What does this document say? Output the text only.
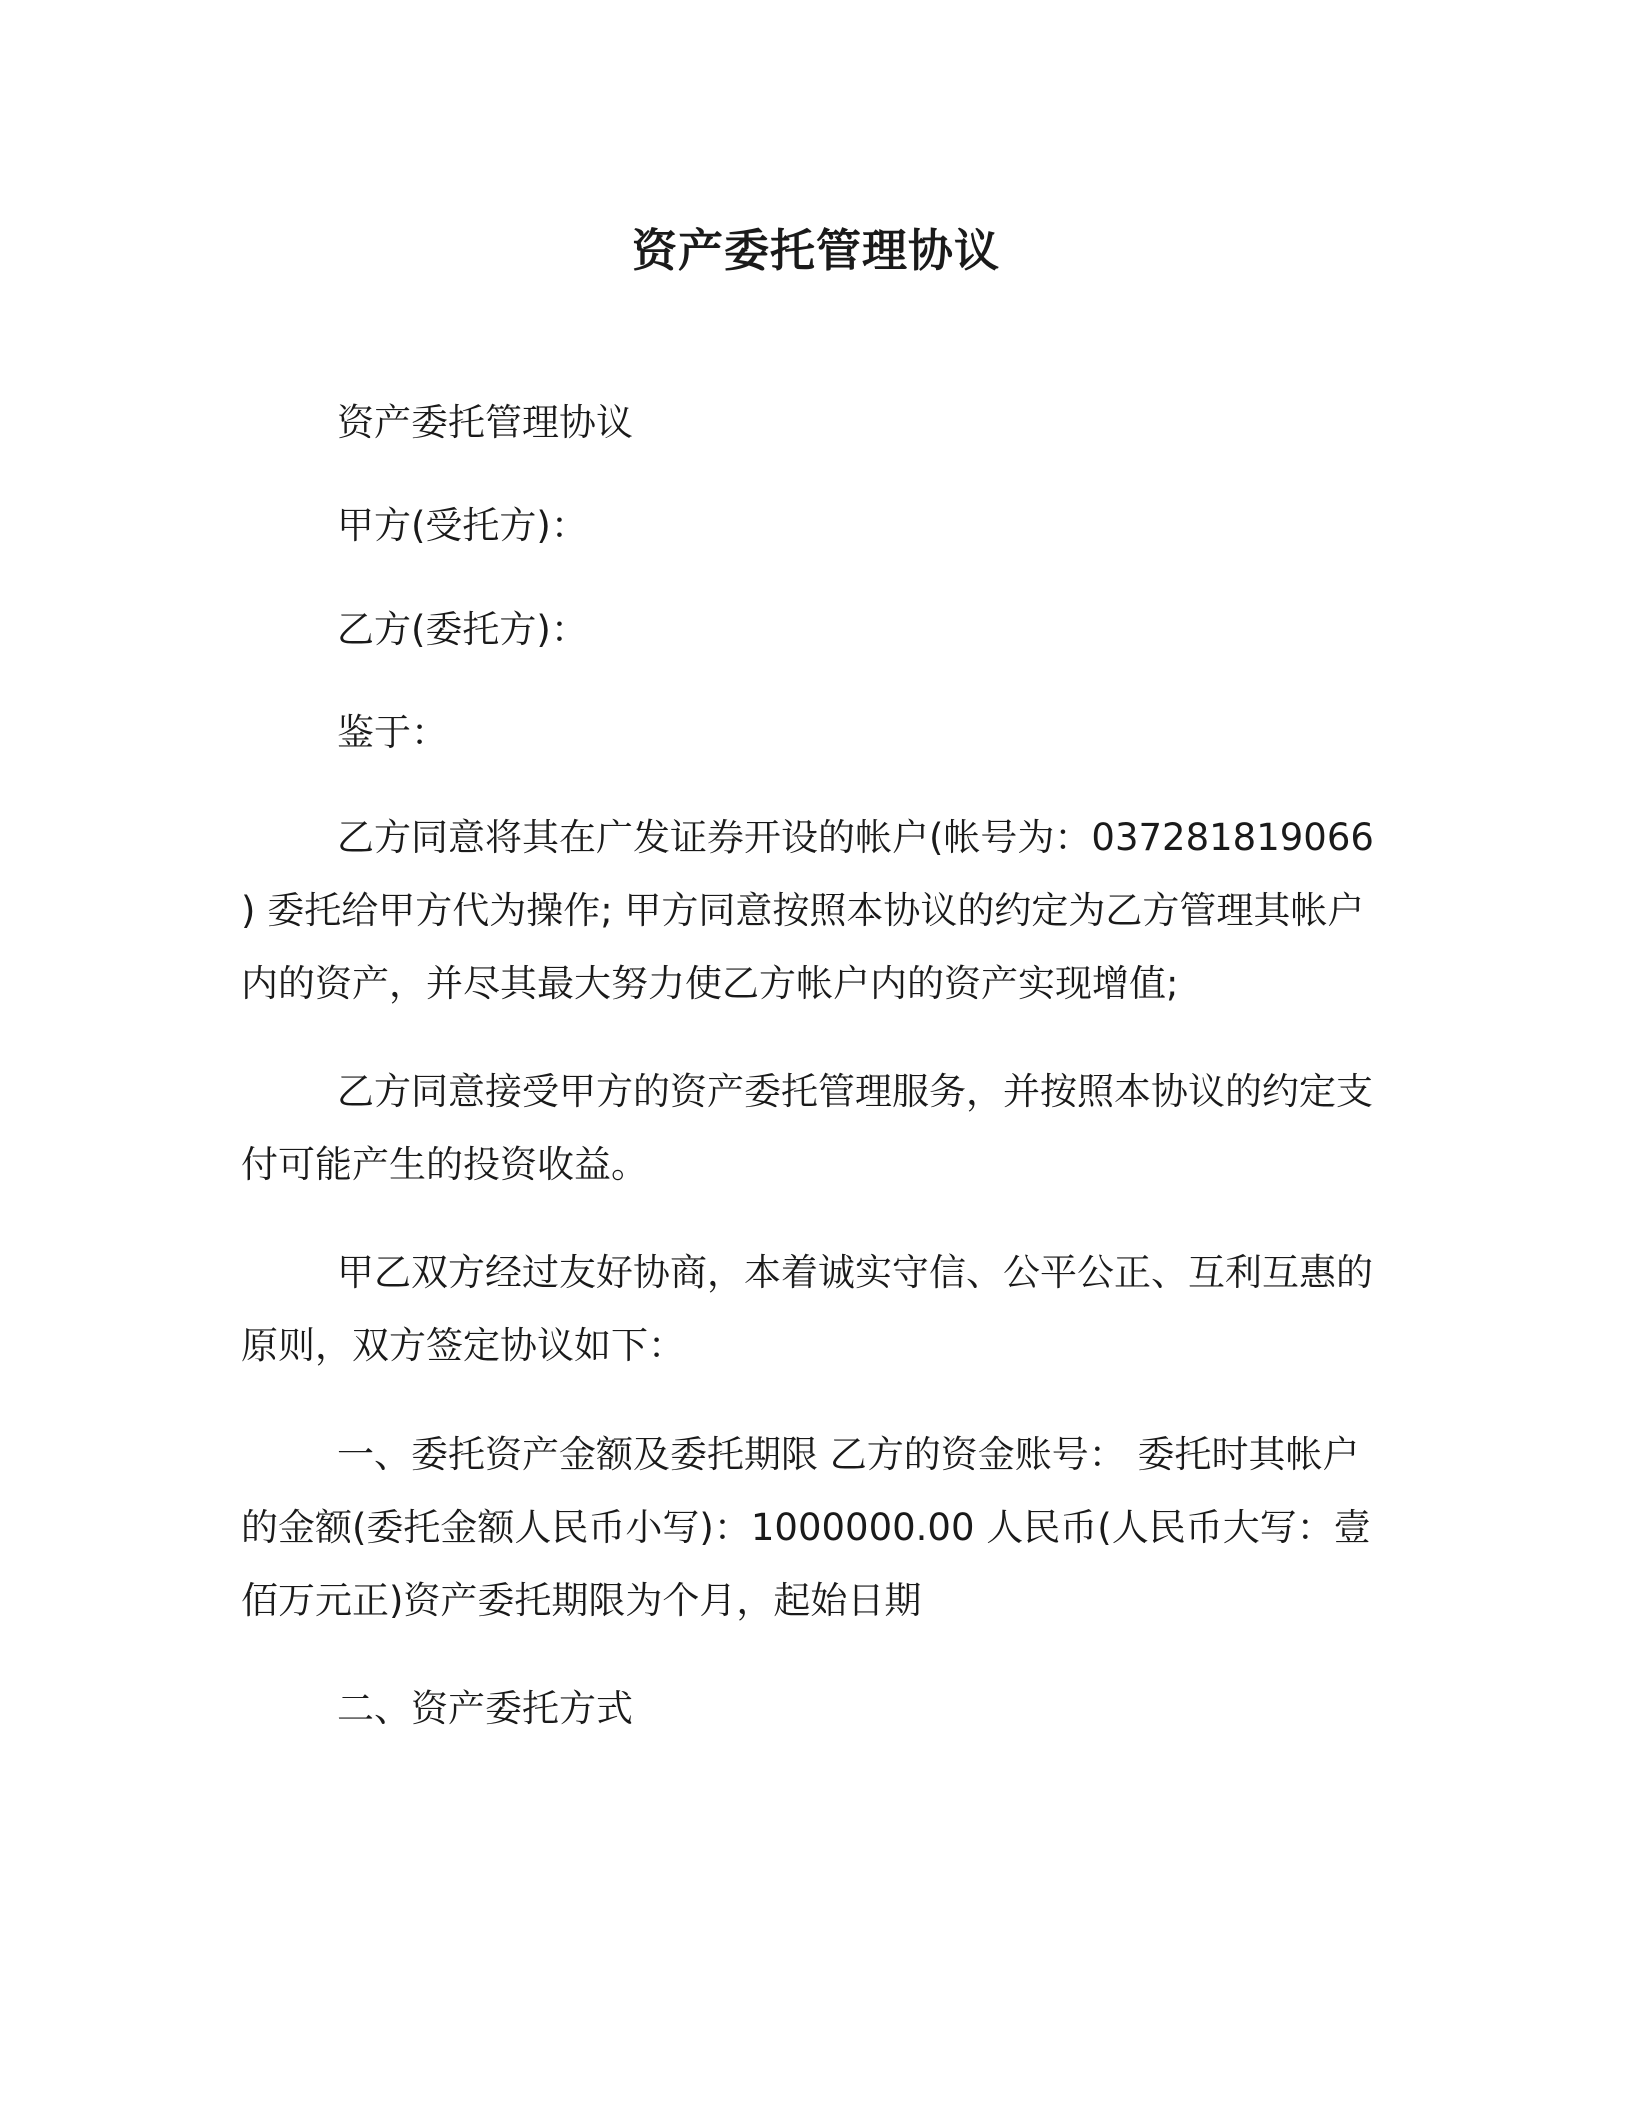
资产委托管理协议

资产委托管理协议

甲方(受托方)：

乙方(委托方)：

鉴于：

乙方同意将其在广发证券开设的帐户(帐号为：037281819066 ) 委托给甲方代为操作; 甲方同意按照本协议的约定为乙方管理其帐户内的资产，并尽其最大努力使乙方帐户内的资产实现增值;

乙方同意接受甲方的资产委托管理服务，并按照本协议的约定支付可能产生的投资收益。

甲乙双方经过友好协商，本着诚实守信、公平公正、互利互惠的原则，双方签定协议如下：

一、委托资产金额及委托期限 乙方的资金账号： 委托时其帐户的金额(委托金额人民币小写)：1000000.00 人民币(人民币大写：壹佰万元正)资产委托期限为个月，起始日期

二、资产委托方式
